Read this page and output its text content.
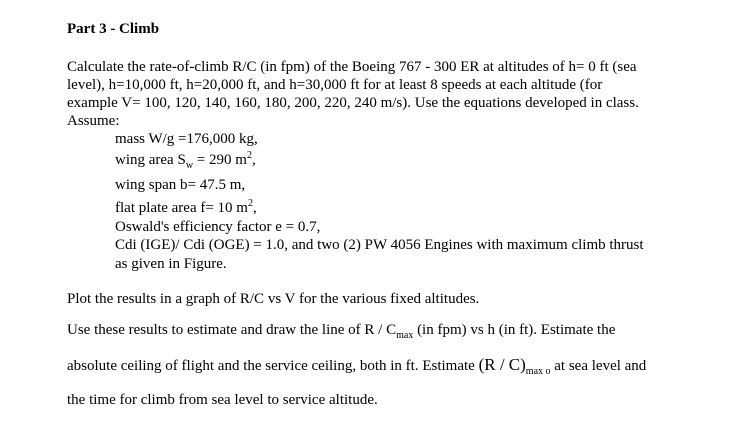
Part 3 - Climb
Calculate the rate-of-climb R/C (in fpm) of the Boeing 767 - 300 ER at altitudes of h= 0 ft (sea
level), h=10,000 ft, h=20,000 ft, and h=30,000 ft for at least 8 speeds at each altitude (for
example V= 100, 120, 140, 160, 180, 200, 220, 240 m/s). Use the equations developed in class.
Assume:
mass W/g =176,000 kg,
wing area $S_w = 290$ $m^2$,
wing span b= 47.5 m,
flat plate area f= 10 $m^2$,
Oswald's efficiency factor e = 0.7,
Cdi (IGE)/ Cdi (OGE) = 1.0, and two (2) PW 4056 Engines with maximum climb thrust
as given in Figure.
Plot the results in a graph of R/C vs V for the various fixed altitudes.
Use these results to estimate and draw the line of R / $C_{max}$ (in fpm) vs h (in ft). Estimate the
absolute ceiling of flight and the service ceiling, both in ft. Estimate $(R / C)_{max o}$ at sea level and
the time for climb from sea level to service altitude.
